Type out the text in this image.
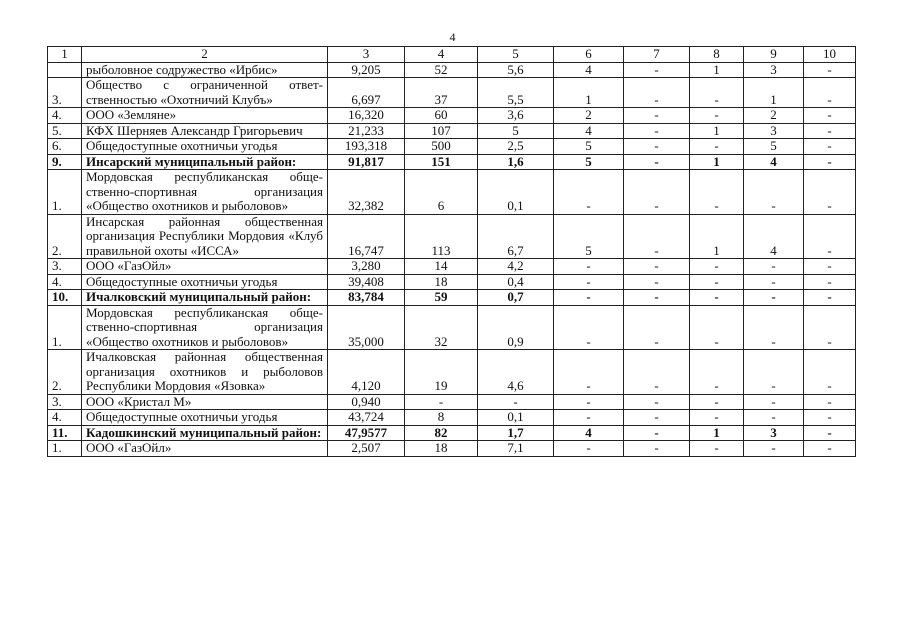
4
1	2	3	4	5	6	7	8	9	10
	рыболовное содружество «Ирбис»	9,205	52	5,6	4	-	1	3	-
3.	Общество с ограниченной ответ-ственностью «Охотничий Клубъ»	6,697	37	5,5	1	-	-	1	-
4.	ООО «Земляне»	16,320	60	3,6	2	-	-	2	-
5.	КФХ Шерняев Александр Григорьевич	21,233	107	5	4	-	1	3	-
6.	Общедоступные охотничьи угодья	193,318	500	2,5	5	-	-	5	-
9.	Инсарский муниципальный район:	91,817	151	1,6	5	-	1	4	-
1.	Мордовская республиканская обще-ственно-спортивная организация «Общество охотников и рыболовов»	32,382	6	0,1	-	-	-	-	-
2.	Инсарская районная общественная организация Республики Мордовия «Клуб правильной охоты «ИССА»	16,747	113	6,7	5	-	1	4	-
3.	ООО «ГазОйл»	3,280	14	4,2	-	-	-	-	-
4.	Общедоступные охотничьи угодья	39,408	18	0,4	-	-	-	-	-
10.	Ичалковский муниципальный район:	83,784	59	0,7	-	-	-	-	-
1.	Мордовская республиканская обще-ственно-спортивная организация «Общество охотников и рыболовов»	35,000	32	0,9	-	-	-	-	-
2.	Ичалковская районная общественная организация охотников и рыболовов Республики Мордовия «Язовка»	4,120	19	4,6	-	-	-	-	-
3.	ООО «Кристал М»	0,940	-	-	-	-	-	-	-
4.	Общедоступные охотничьи угодья	43,724	8	0,1	-	-	-	-	-
11.	Кадошкинский муниципальный район:	47,9577	82	1,7	4	-	1	3	-
1.	ООО «ГазОйл»	2,507	18	7,1	-	-	-	-	-
